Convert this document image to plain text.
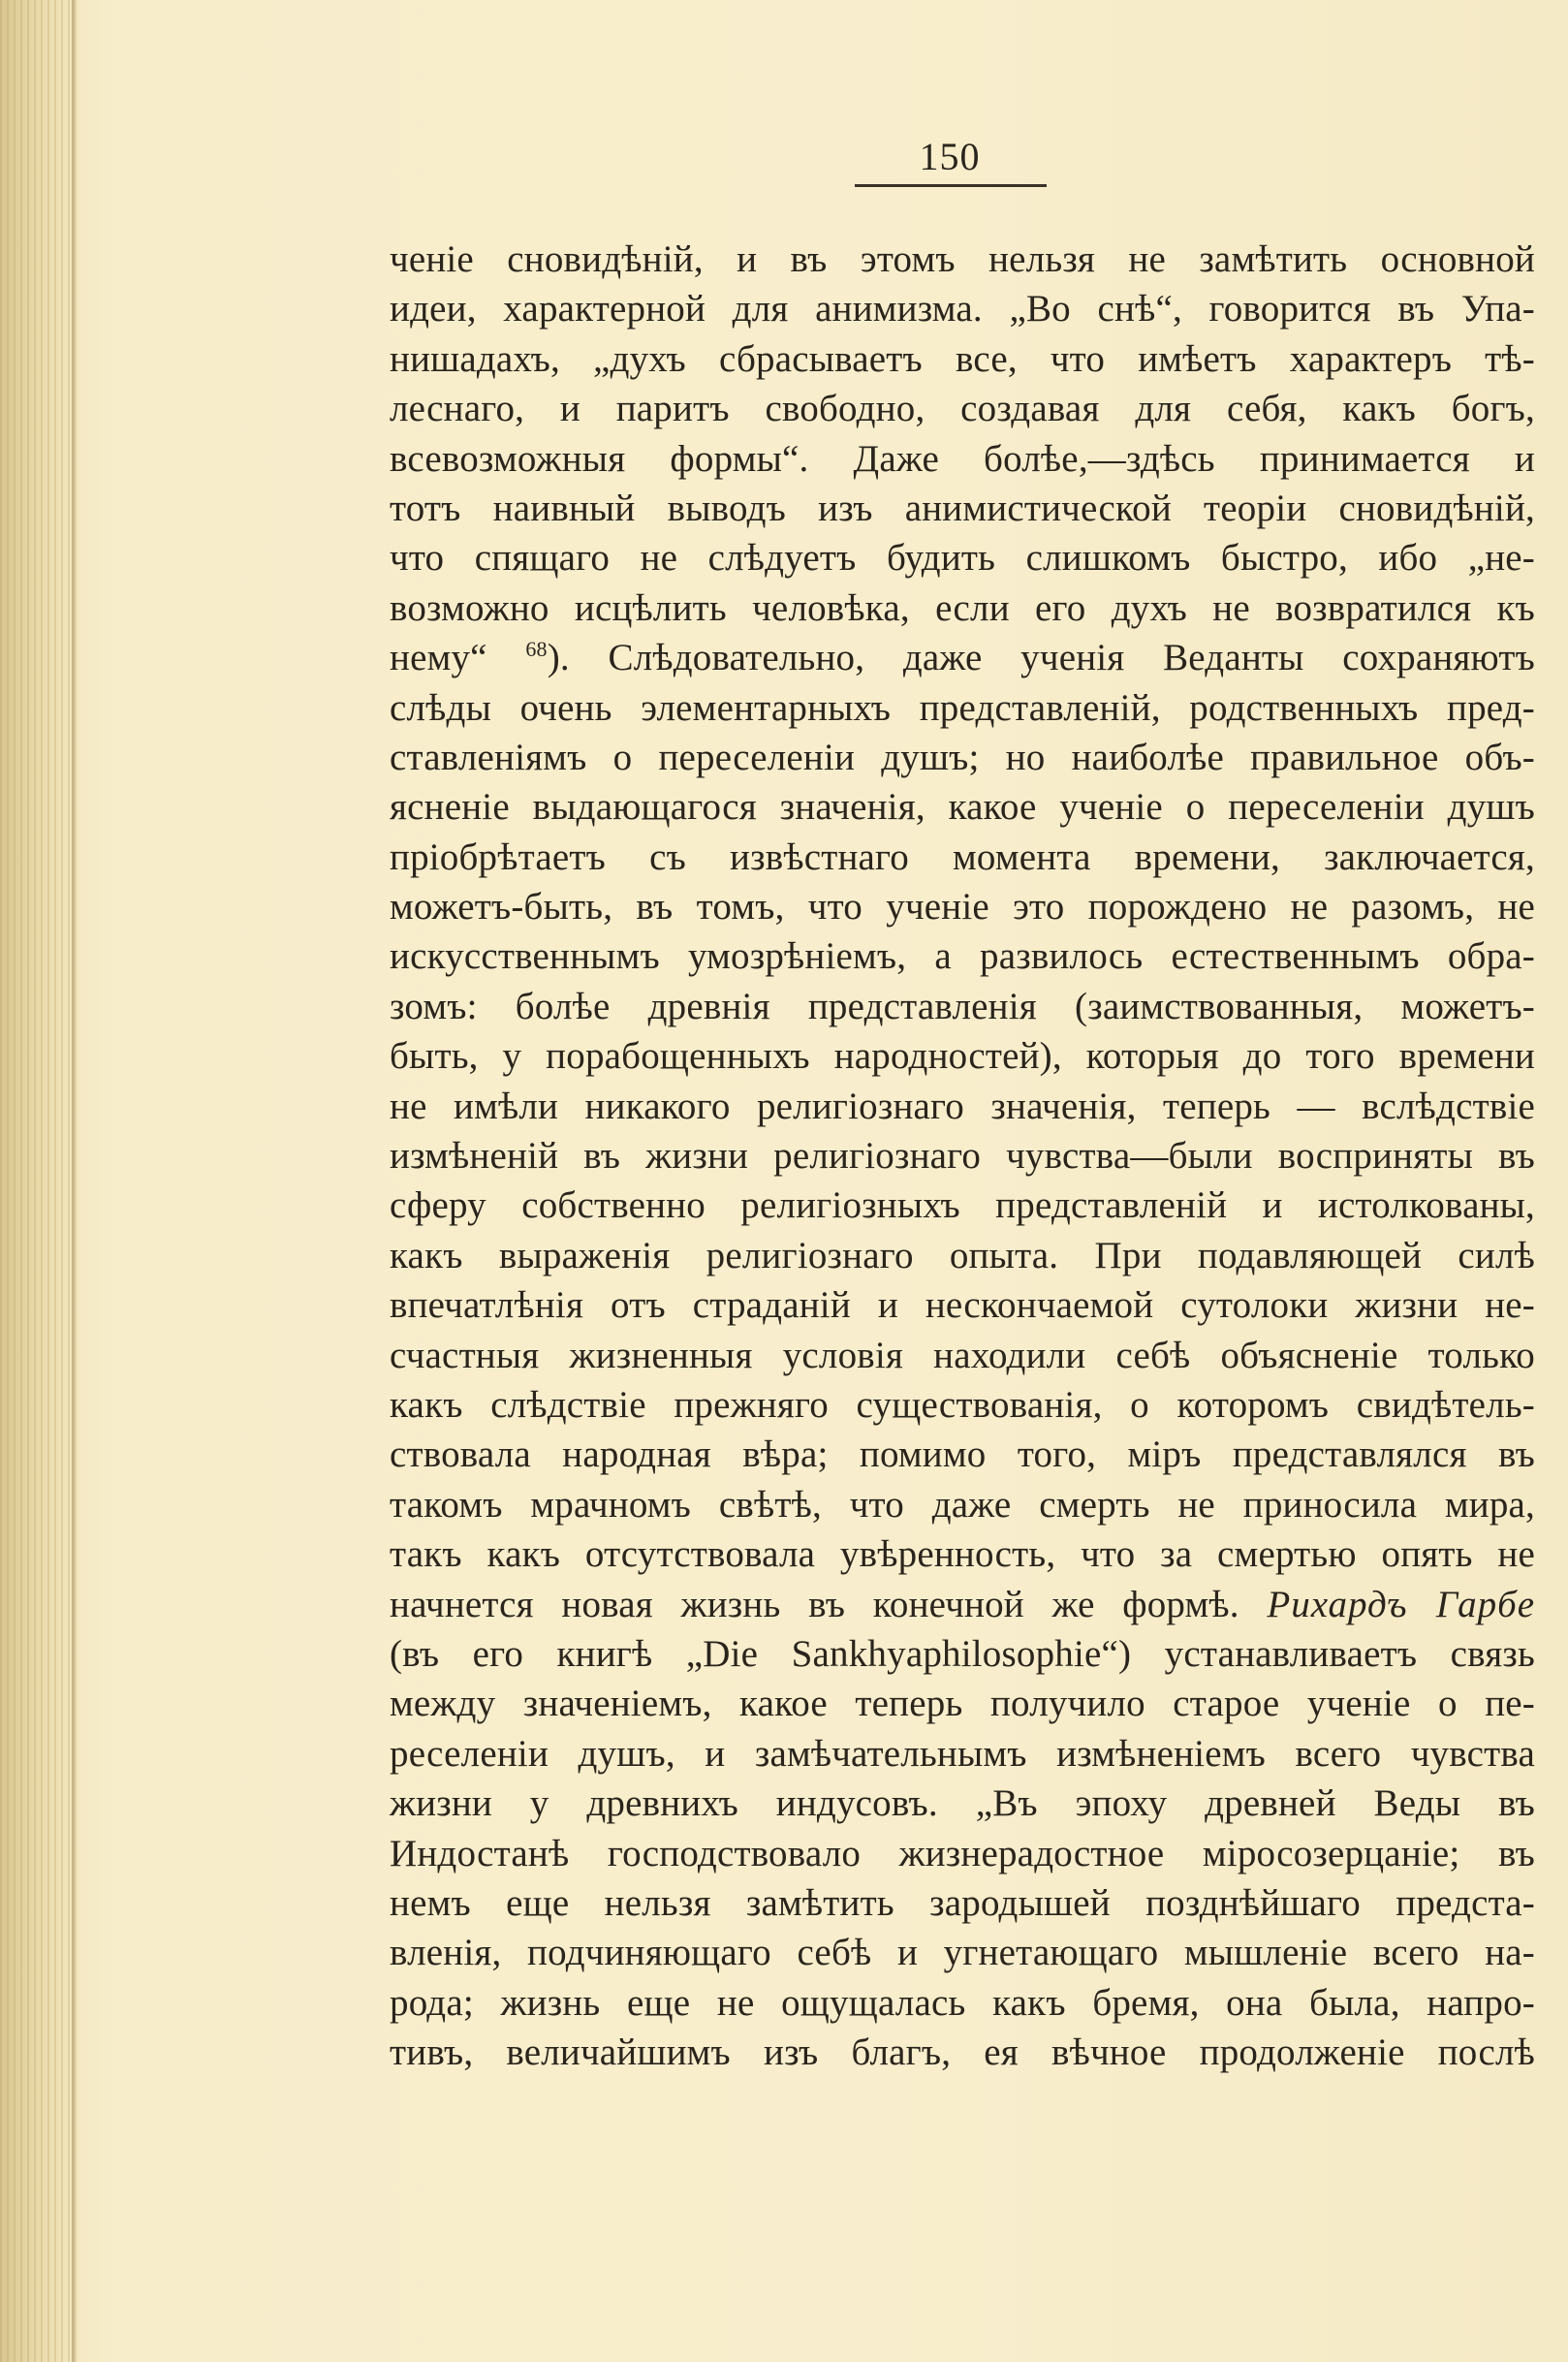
150
ченіе сновидѣній, и въ этомъ нельзя не замѣтить основной
идеи, характерной для анимизма. „Во снѣ“, говорится въ Упа-
нишадахъ, „духъ сбрасываетъ все, что имѣетъ характеръ тѣ-
леснаго, и паритъ свободно, создавая для себя, какъ богъ,
всевозможныя формы“. Даже болѣе,—здѣсь принимается и
тотъ наивный выводъ изъ анимистической теоріи сновидѣній,
что спящаго не слѣдуетъ будить слишкомъ быстро, ибо „не-
возможно исцѣлить человѣка, если его духъ не возвратился къ
нему“ $^{68}$). Слѣдовательно, даже ученія Веданты сохраняютъ
слѣды очень элементарныхъ представленій, родственныхъ пред-
ставленіямъ о переселеніи душъ; но наиболѣе правильное объ-
ясненіе выдающагося значенія, какое ученіе о переселеніи душъ
пріобрѣтаетъ съ извѣстнаго момента времени, заключается,
можетъ-быть, въ томъ, что ученіе это порождено не разомъ, не
искусственнымъ умозрѣніемъ, а развилось естественнымъ обра-
зомъ: болѣе древнія представленія (заимствованныя, можетъ-
быть, у порабощенныхъ народностей), которыя до того времени
не имѣли никакого религіознаго значенія, теперь — вслѣдствіе
измѣненій въ жизни религіознаго чувства—были восприняты въ
сферу собственно религіозныхъ представленій и истолкованы,
какъ выраженія религіознаго опыта. При подавляющей силѣ
впечатлѣнія отъ страданій и нескончаемой сутолоки жизни не-
счастныя жизненныя условія находили себѣ объясненіе только
какъ слѣдствіе прежняго существованія, о которомъ свидѣтель-
ствовала народная вѣра; помимо того, міръ представлялся въ
такомъ мрачномъ свѣтѣ, что даже смерть не приносила мира,
такъ какъ отсутствовала увѣренность, что за смертью опять не
начнется новая жизнь въ конечной же формѣ. Рихардъ Гарбе
(въ его книгѣ „Die Sankhyaphilosophie“) устанавливаетъ связь
между значеніемъ, какое теперь получило старое ученіе о пе-
реселеніи душъ, и замѣчательнымъ измѣненіемъ всего чувства
жизни у древнихъ индусовъ. „Въ эпоху древней Веды въ
Индостанѣ господствовало жизнерадостное міросозерцаніе; въ
немъ еще нельзя замѣтить зародышей позднѣйшаго предста-
вленія, подчиняющаго себѣ и угнетающаго мышленіе всего на-
рода; жизнь еще не ощущалась какъ бремя, она была, напро-
тивъ, величайшимъ изъ благъ, ея вѣчное продолженіе послѣ
